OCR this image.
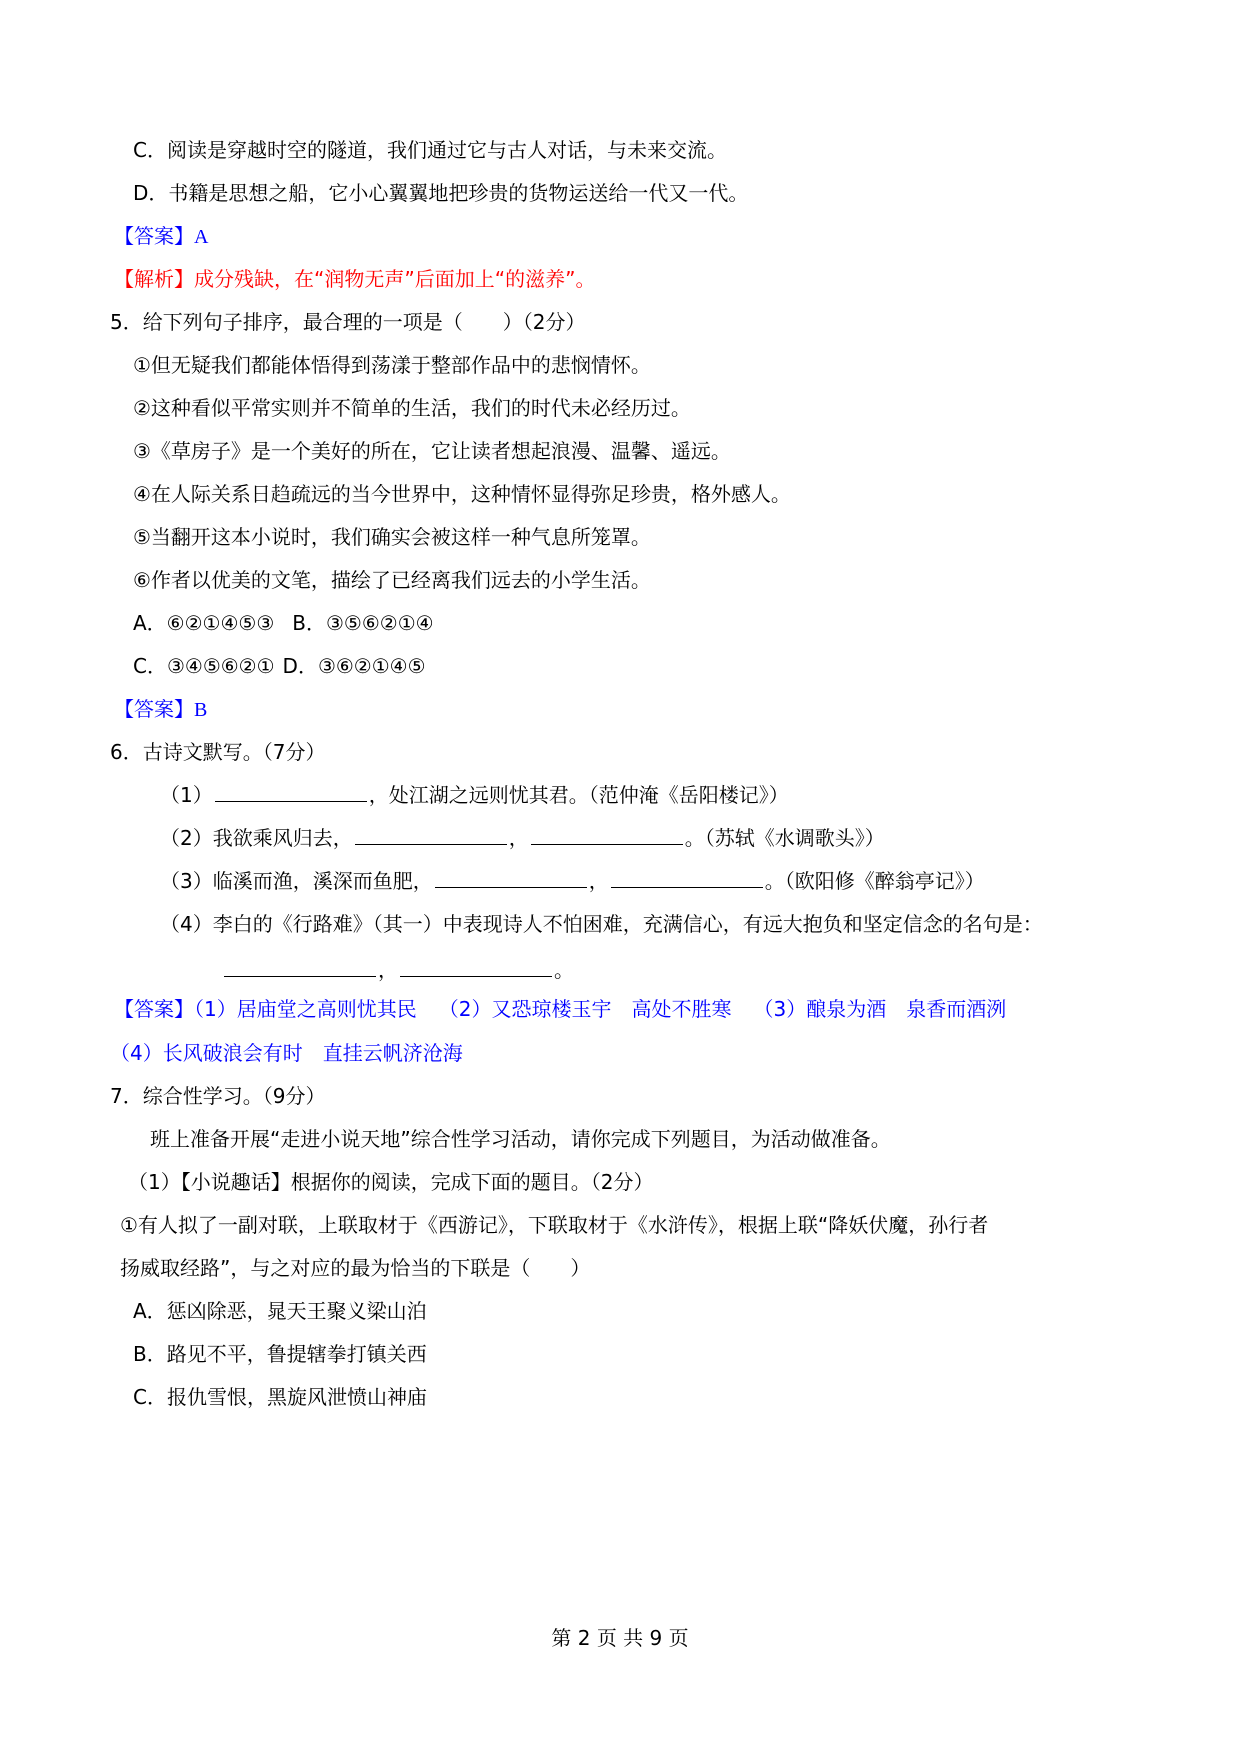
C．阅读是穿越时空的隧道，我们通过它与古人对话，与未来交流。
D．书籍是思想之船，它小心翼翼地把珍贵的货物运送给一代又一代。
【答案】A
【解析】成分残缺，在“润物无声”后面加上“的滋养”。
5．给下列句子排序，最合理的一项是（　　）（2分）
①但无疑我们都能体悟得到荡漾于整部作品中的悲悯情怀。
②这种看似平常实则并不简单的生活，我们的时代未必经历过。
③《草房子》是一个美好的所在，它让读者想起浪漫、温馨、遥远。
④在人际关系日趋疏远的当今世界中，这种情怀显得弥足珍贵，格外感人。
⑤当翻开这本小说时，我们确实会被这样一种气息所笼罩。
⑥作者以优美的文笔，描绘了已经离我们远去的小学生活。
A．⑥②①④⑤③ B．③⑤⑥②①④
C．③④⑤⑥②① D．③⑥②①④⑤
【答案】B
6．古诗文默写。（7分）
（1）	，处江湖之远则忧其君。（范仲淹《岳阳楼记》）
（2）我欲乘风归去，	，	。（苏轼《水调歌头》）
（3）临溪而渔，溪深而鱼肥，	，	。（欧阳修《醉翁亭记》）
（4）李白的《行路难》（其一）中表现诗人不怕困难，充满信心，有远大抱负和坚定信念的名句是：
，	。
【答案】（1）居庙堂之高则忧其民 （2）又恐琼楼玉宇　高处不胜寒 （3）酿泉为酒　泉香而酒洌
（4）长风破浪会有时　直挂云帆济沧海
7．综合性学习。（9分）
班上准备开展“走进小说天地”综合性学习活动，请你完成下列题目，为活动做准备。
（1）【小说趣话】根据你的阅读，完成下面的题目。（2分）
①有人拟了一副对联，上联取材于《西游记》，下联取材于《水浒传》，根据上联“降妖伏魔，孙行者
扬威取经路”，与之对应的最为恰当的下联是（　　）
A．惩凶除恶，晁天王聚义梁山泊
B．路见不平，鲁提辖拳打镇关西
C．报仇雪恨，黑旋风泄愤山神庙
第 2 页 共 9 页
